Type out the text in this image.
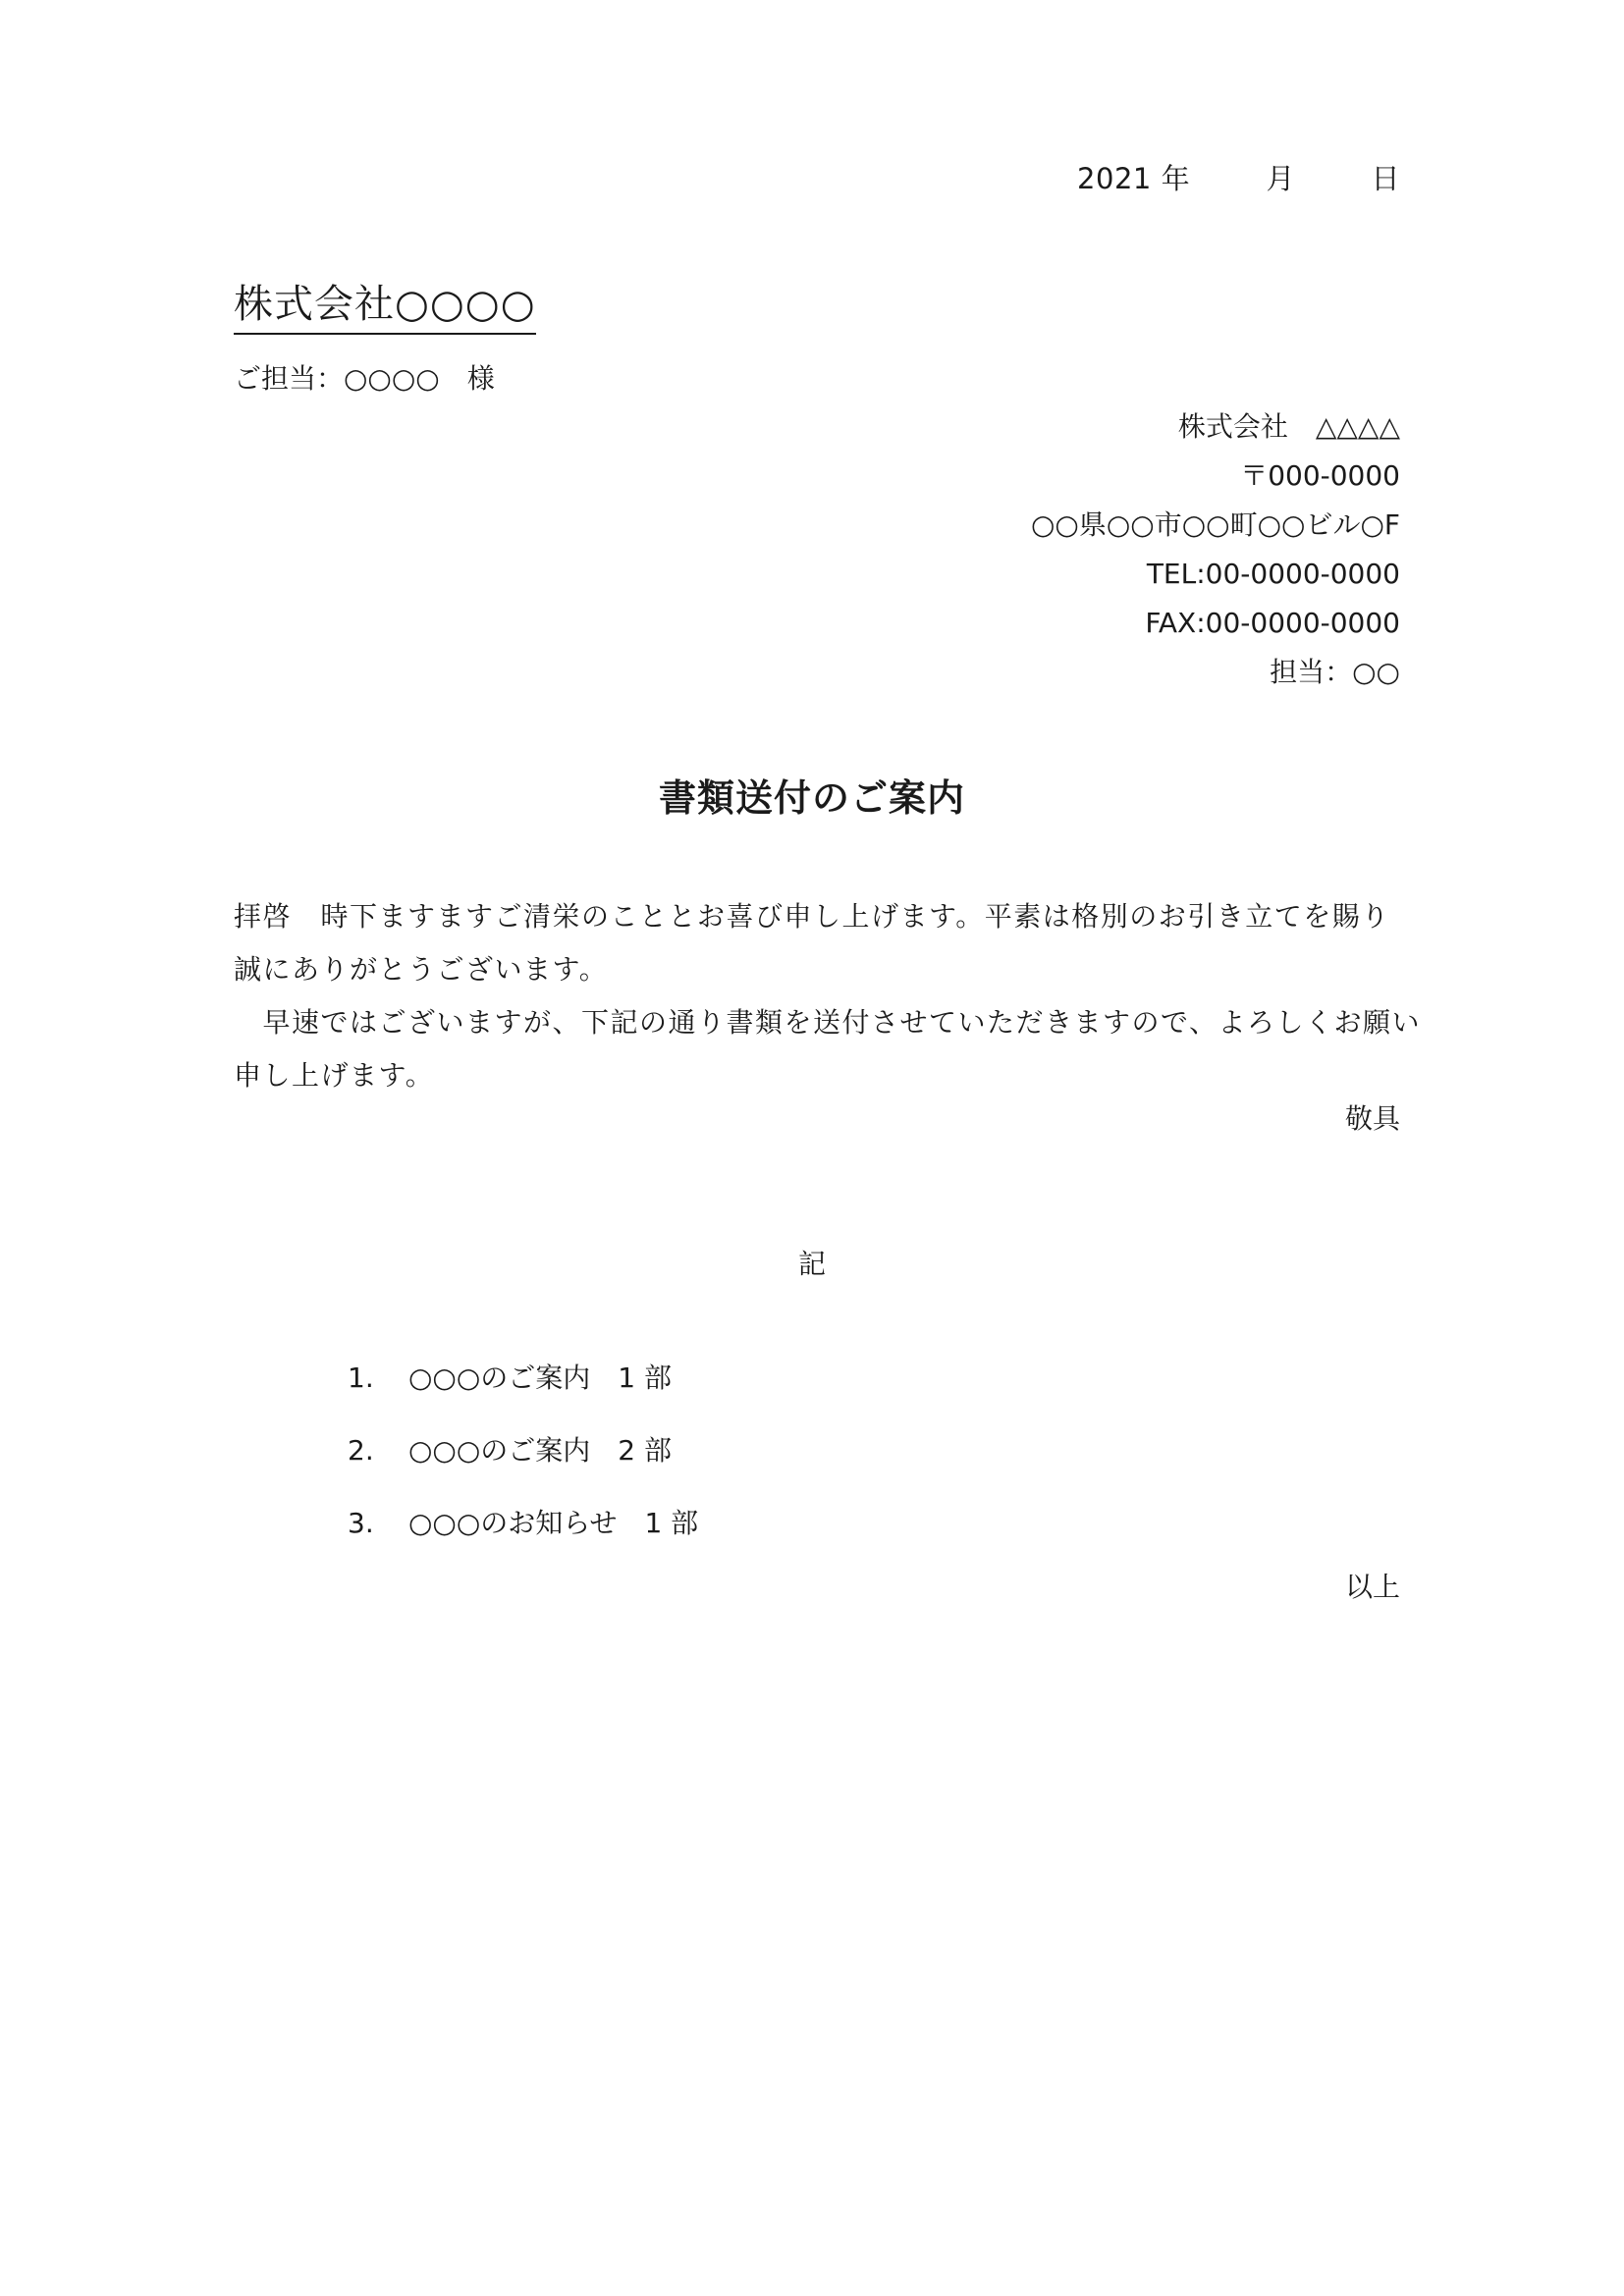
2021 年	月	日
株式会社○○○○
ご担当：○○○○　様
株式会社　△△△△
〒000-0000
○○県○○市○○町○○ビル○F
TEL:00-0000-0000
FAX:00-0000-0000
担当：○○
書類送付のご案内
拝啓　時下ますますご清栄のこととお喜び申し上げます。平素は格別のお引き立てを賜り
誠にありがとうございます。
　早速ではございますが、下記の通り書類を送付させていただきますので、よろしくお願い
申し上げます。
敬具
記
1. ○○○のご案内　1 部
2. ○○○のご案内　2 部
3. ○○○のお知らせ　1 部
以上
